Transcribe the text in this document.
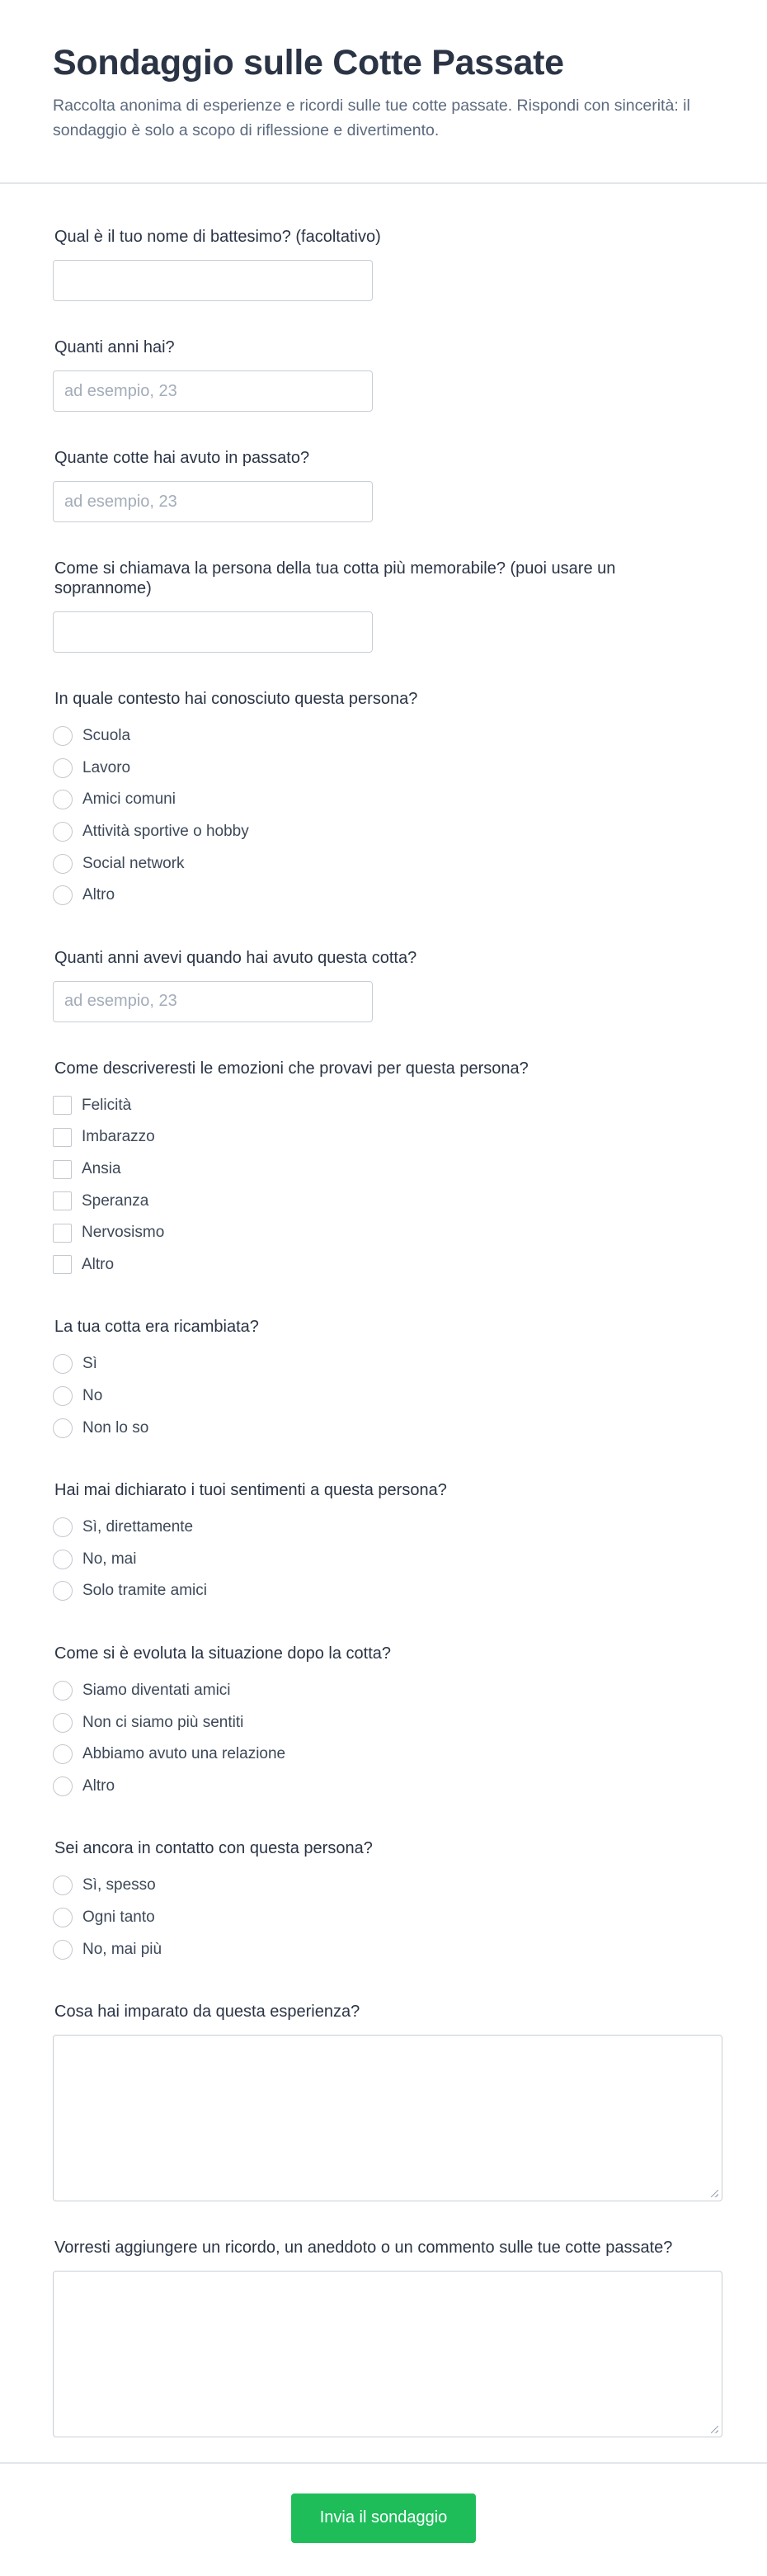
Sondaggio sulle Cotte Passate

Raccolta anonima di esperienze e ricordi sulle tue cotte passate. Rispondi con sincerità: il sondaggio è solo a scopo di riflessione e divertimento.

Qual è il tuo nome di battesimo? (facoltativo)
Quanti anni hai?
ad esempio, 23
Quante cotte hai avuto in passato?
ad esempio, 23
Come si chiamava la persona della tua cotta più memorabile? (puoi usare un soprannome)
In quale contesto hai conosciuto questa persona?
Scuola
Lavoro
Amici comuni
Attività sportive o hobby
Social network
Altro
Quanti anni avevi quando hai avuto questa cotta?
ad esempio, 23
Come descriveresti le emozioni che provavi per questa persona?
Felicità
Imbarazzo
Ansia
Speranza
Nervosismo
Altro
La tua cotta era ricambiata?
Sì
No
Non lo so
Hai mai dichiarato i tuoi sentimenti a questa persona?
Sì, direttamente
No, mai
Solo tramite amici
Come si è evoluta la situazione dopo la cotta?
Siamo diventati amici
Non ci siamo più sentiti
Abbiamo avuto una relazione
Altro
Sei ancora in contatto con questa persona?
Sì, spesso
Ogni tanto
No, mai più
Cosa hai imparato da questa esperienza?
Vorresti aggiungere un ricordo, un aneddoto o un commento sulle tue cotte passate?
Invia il sondaggio
